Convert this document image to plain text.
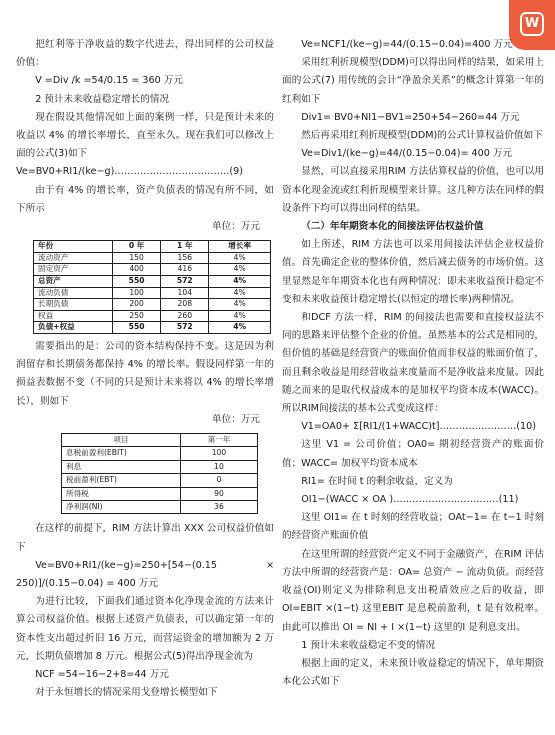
W

把红利等于净收益的数字代进去，得出同样的公司权益价值：

V =Div /k =54/0.15 = 360 万元

2 预计未来收益稳定增长的情况

现在假设其他情况如上面的案例一样，只是预计未来的收益以 4% 的增长率增长，直至永久。现在我们可以修改上面的公式(3)如下

Ve=BV0+RI1/(ke−g)………………………………(9)

由于有 4% 的增长率，资产负债表的情况有所不同，如下所示

单位：万元

年份	0 年	1 年	增长率
流动资产	150	156	4%
固定资产	400	416	4%
总资产	550	572	4%
流动负债	100	104	4%
长期负债	200	208	4%
权益	250	260	4%
负债+权益	550	572	4%

需要指出的是：公司的资本结构保持不变。这是因为利润留存和长期债务都保持 4% 的增长率。假设同样第一年的损益表数据不变（不同的只是预计未来将以 4% 的增长率增长），则如下

单位：万元

项目	第一年
息税前盈利(EBIT)	100
利息	10
税前盈利(EBT)	0
所得税	90
净利润(NI)	36

在这样的前提下，RIM 方法计算出 XXX 公司权益价值如下

Ve=BV0+RI1/(ke−g)=250+[54−(0.15 × 250)]/(0.15−0.04) = 400 万元

为进行比较，下面我们通过资本化净现金流的方法来计算公司权益价值。根据上述资产负债表，可以确定第一年的资本性支出超过折旧 16 万元，而营运资金的增加额为 2 万元，长期负债增加 8 万元。根据公式(5)得出净现金流为

NCF =54−16−2+8=44 万元

对于永恒增长的情况采用戈登增长模型如下

Ve=NCF1/(ke−g)=44/(0.15−0.04)=400 万元

采用红利折现模型(DDM)可以得出同样的结果，如采用上面的公式(7) 用传统的会计“净盈余关系”的概念计算第一年的红利如下

Div1= BV0+NI1−BV1=250+54−260=44 万元

然后再采用红利折现模型(DDM)的公式计算权益价值如下

Ve=Div1/(ke−g)=44/(0.15−0.04)= 400 万元

显然，可以直接采用RIM 方法估算权益的价值，也可以用资本化现金流或红利折现模型来计算。这几种方法在同样的假设条件下均可以得出同样的结果。

（二）年年期资本化的间接法评估权益价值

如上所述，RIM 方法也可以采用间接法评估企业权益价值。首先确定企业的整体价值，然后减去债务的市场价值。这里显然是年年期资本化也有两种情况：即未来收益预计稳定不变和未来收益预计稳定增长(以恒定的增长率)两种情况。

和DCF 方法一样，RIM 的间接法也需要和直接权益法不同的思路来评估整个企业的价值。虽然基本的公式是相同的，但价值的基础是经营资产的账面价值而非权益的账面价值了，而且剩余收益是用经营收益来度量而不是净收益来度量。因此随之而来的是取代权益成本的是加权平均资本成本(WACC)。所以RIM间接法的基本公式变成这样：

V1=OA0+ Σ[RI1/(1+WACC)t]……………………(10)

这里 V1 = 公司价值；OA0= 期初经营资产的账面价值；WACC= 加权平均资本成本

RI1= 在时间 t 的剩余收益，定义为

OI1−(WACC × OA )……………………………(11)

这里 OI1= 在 t 时刻的经营收益；OAt−1= 在 t−1 时刻的经营资产账面价值

在这里所谓的经营资产定义不同于金融资产，在RIM 评估方法中所谓的经营资产是：OA= 总资产 − 流动负债。而经营收益(OI)则定义为排除利息支出税盾效应之后的收益，即 OI=EBIT ×(1−t) 这里EBIT 是息税前盈利，t 是有效税率。由此可以推出 OI = NI + I ×(1−t) 这里的I 是利息支出。

1 预计未来收益稳定不变的情况

根据上面的定义，未来预计收益稳定的情况下，单年期资本化公式如下
